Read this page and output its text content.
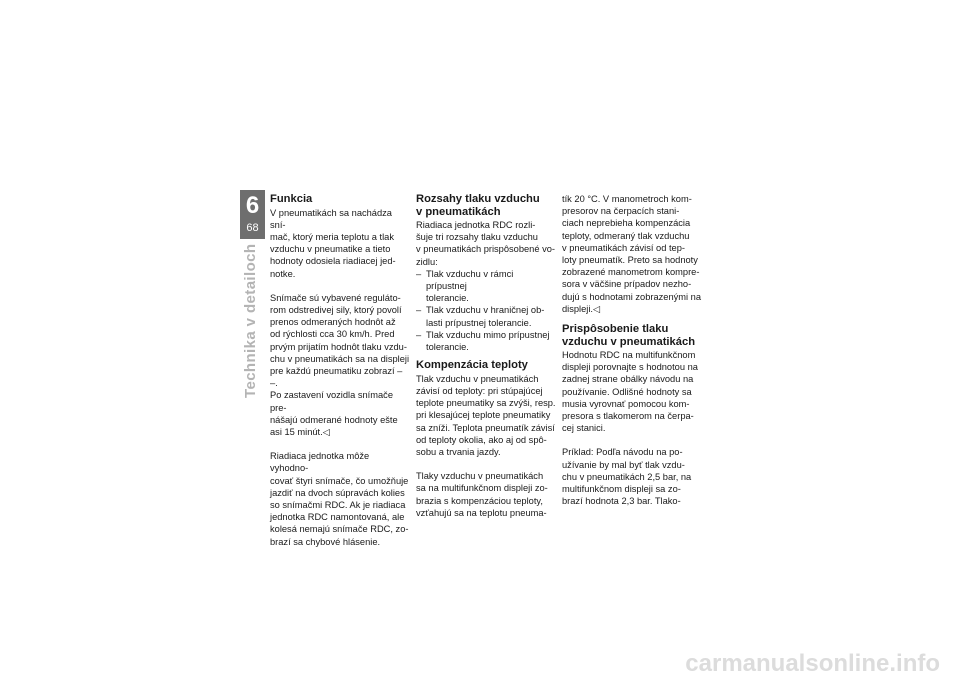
6
68
Technika v detailoch
Funkcia

V pneumatikách sa nachádza sní-
mač, ktorý meria teplotu a tlak
vzduchu v pneumatike a tieto
hodnoty odosiela riadiacej jed-
notke.

Snímače sú vybavené reguláto-
rom odstredivej sily, ktorý povolí
prenos odmeraných hodnôt až
od rýchlosti cca 30 km/h. Pred
prvým prijatím hodnôt tlaku vzdu-
chu v pneumatikách sa na displeji
pre každú pneumatiku zobrazí – –.
Po zastavení vozidla snímače pre-
nášajú odmerané hodnoty ešte
asi 15 minút.◁

Riadiaca jednotka môže vyhodno-
covať štyri snímače, čo umožňuje
jazdiť na dvoch súpravách kolies
so snímačmi RDC. Ak je riadiaca
jednotka RDC namontovaná, ale
kolesá nemajú snímače RDC, zo-
brazí sa chybové hlásenie.

Rozsahy tlaku vzduchu
v pneumatikách

Riadiaca jednotka RDC rozli-
šuje tri rozsahy tlaku vzduchu
v pneumatikách prispôsobené vo-
zidlu:

– Tlak vzduchu v rámci prípustnej
tolerancie.
– Tlak vzduchu v hraničnej ob-
lasti prípustnej tolerancie.
– Tlak vzduchu mimo prípustnej
tolerancie.
Kompenzácia teploty

Tlak vzduchu v pneumatikách
závisí od teploty: pri stúpajúcej
teplote pneumatiky sa zvýši, resp.
pri klesajúcej teplote pneumatiky
sa zníži. Teplota pneumatík závisí
od teploty okolia, ako aj od spô-
sobu a trvania jazdy.

Tlaky vzduchu v pneumatikách
sa na multifunkčnom displeji zo-
brazia s kompenzáciou teploty,
vzťahujú sa na teplotu pneuma-

tík 20 °C. V manometroch kom-
presorov na čerpacích stani-
ciach neprebieha kompenzácia
teploty, odmeraný tlak vzduchu
v pneumatikách závisí od tep-
loty pneumatík. Preto sa hodnoty
zobrazené manometrom kompre-
sora v väčšine prípadov nezho-
dujú s hodnotami zobrazenými na
displeji.◁

Prispôsobenie tlaku
vzduchu v pneumatikách

Hodnotu RDC na multifunkčnom
displeji porovnajte s hodnotou na
zadnej strane obálky návodu na
používanie. Odlišné hodnoty sa
musia vyrovnať pomocou kom-
presora s tlakomerom na čerpa-
cej stanici.

Príklad: Podľa návodu na po-
užívanie by mal byť tlak vzdu-
chu v pneumatikách 2,5 bar, na
multifunkčnom displeji sa zo-
brazí hodnota 2,3 bar. Tlako-

carmanualsonline.info
